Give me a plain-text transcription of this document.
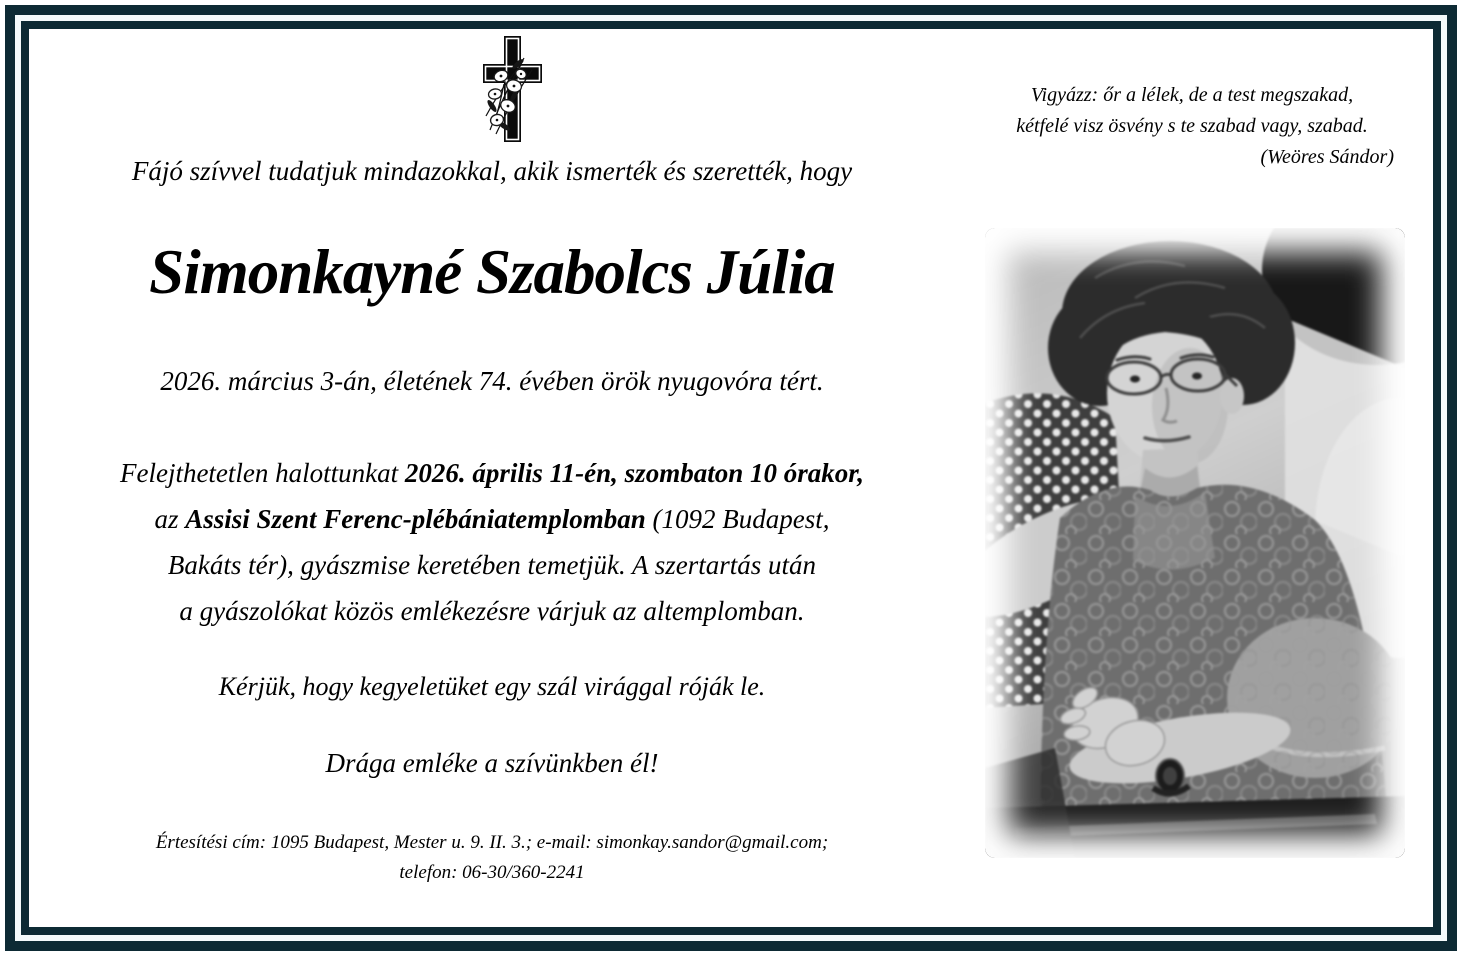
Fájó szívvel tudatjuk mindazokkal, akik ismerték és szerették, hogy
Simonkayné Szabolcs Júlia
2026. március 3-án, életének 74. évében örök nyugovóra tért.
Felejthetetlen halottunkat 2026. április 11-én, szombaton 10 órakor,
az Assisi Szent Ferenc-plébániatemplomban (1092 Budapest,
Bakáts tér), gyászmise keretében temetjük. A szertartás után
a gyászolókat közös emlékezésre várjuk az altemplomban.
Kérjük, hogy kegyeletüket egy szál virággal róják le.
Drága emléke a szívünkben él!
Értesítési cím: 1095 Budapest, Mester u. 9. II. 3.; e-mail: simonkay.sandor@gmail.com;
telefon: 06-30/360-2241
Vigyázz: őr a lélek, de a test megszakad,
kétfelé visz ösvény s te szabad vagy, szabad.
(Weöres Sándor)
